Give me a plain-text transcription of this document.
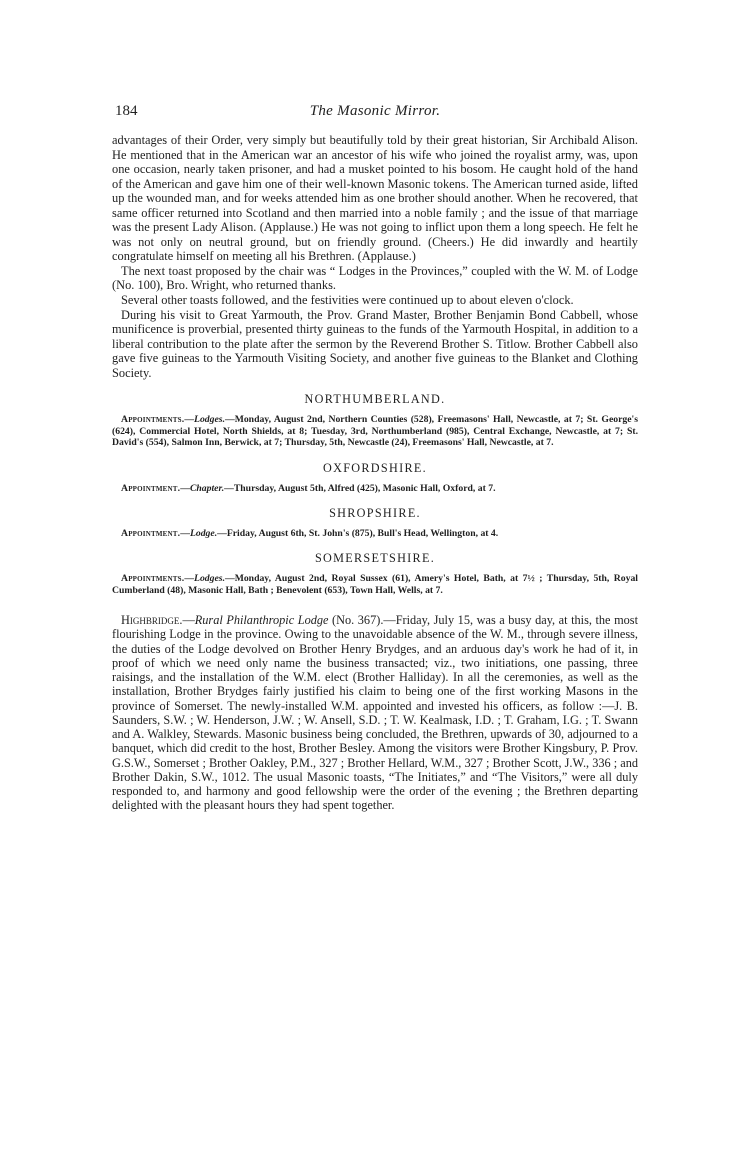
184	The Masonic Mirror.

advantages of their Order, very simply but beautifully told by their great historian, Sir Archibald Alison. He mentioned that in the American war an ancestor of his wife who joined the royalist army, was, upon one occasion, nearly taken prisoner, and had a musket pointed to his bosom. He caught hold of the hand of the American and gave him one of their well-known Masonic tokens. The American turned aside, lifted up the wounded man, and for weeks attended him as one brother should another. When he recovered, that same officer returned into Scotland and then married into a noble family ; and the issue of that marriage was the present Lady Alison. (Applause.) He was not going to inflict upon them a long speech. He felt he was not only on neutral ground, but on friendly ground. (Cheers.) He did inwardly and heartily congratulate himself on meeting all his Brethren. (Applause.)

The next toast proposed by the chair was “ Lodges in the Provinces,” coupled with the W. M. of Lodge (No. 100), Bro. Wright, who returned thanks.

Several other toasts followed, and the festivities were continued up to about eleven o'clock.

During his visit to Great Yarmouth, the Prov. Grand Master, Brother Benjamin Bond Cabbell, whose munificence is proverbial, presented thirty guineas to the funds of the Yarmouth Hospital, in addition to a liberal contribution to the plate after the sermon by the Reverend Brother S. Titlow. Brother Cabbell also gave five guineas to the Yarmouth Visiting Society, and another five guineas to the Blanket and Clothing Society.

NORTHUMBERLAND.

Appointments.—Lodges.—Monday, August 2nd, Northern Counties (528), Freemasons' Hall, Newcastle, at 7; St. George's (624), Commercial Hotel, North Shields, at 8; Tuesday, 3rd, Northumberland (985), Central Exchange, Newcastle, at 7; St. David's (554), Salmon Inn, Berwick, at 7; Thursday, 5th, Newcastle (24), Freemasons' Hall, Newcastle, at 7.

OXFORDSHIRE.

Appointment.—Chapter.—Thursday, August 5th, Alfred (425), Masonic Hall, Oxford, at 7.

SHROPSHIRE.

Appointment.—Lodge.—Friday, August 6th, St. John's (875), Bull's Head, Wellington, at 4.

SOMERSETSHIRE.

Appointments.—Lodges.—Monday, August 2nd, Royal Sussex (61), Amery's Hotel, Bath, at 7½ ; Thursday, 5th, Royal Cumberland (48), Masonic Hall, Bath ; Benevolent (653), Town Hall, Wells, at 7.

Highbridge.—Rural Philanthropic Lodge (No. 367).—Friday, July 15, was a busy day, at this, the most flourishing Lodge in the province. Owing to the unavoidable absence of the W. M., through severe illness, the duties of the Lodge devolved on Brother Henry Brydges, and an arduous day's work he had of it, in proof of which we need only name the business transacted; viz., two initiations, one passing, three raisings, and the installation of the W.M. elect (Brother Halliday). In all the ceremonies, as well as the installation, Brother Brydges fairly justified his claim to being one of the first working Masons in the province of Somerset. The newly-installed W.M. appointed and invested his officers, as follow :—J. B. Saunders, S.W. ; W. Henderson, J.W. ; W. Ansell, S.D. ; T. W. Kealmask, I.D. ; T. Graham, I.G. ; T. Swann and A. Walkley, Stewards. Masonic business being concluded, the Brethren, upwards of 30, adjourned to a banquet, which did credit to the host, Brother Besley. Among the visitors were Brother Kingsbury, P. Prov. G.S.W., Somerset ; Brother Oakley, P.M., 327 ; Brother Hellard, W.M., 327 ; Brother Scott, J.W., 336 ; and Brother Dakin, S.W., 1012. The usual Masonic toasts, “The Initiates,” and “The Visitors,” were all duly responded to, and harmony and good fellowship were the order of the evening ; the Brethren departing delighted with the pleasant hours they had spent together.
